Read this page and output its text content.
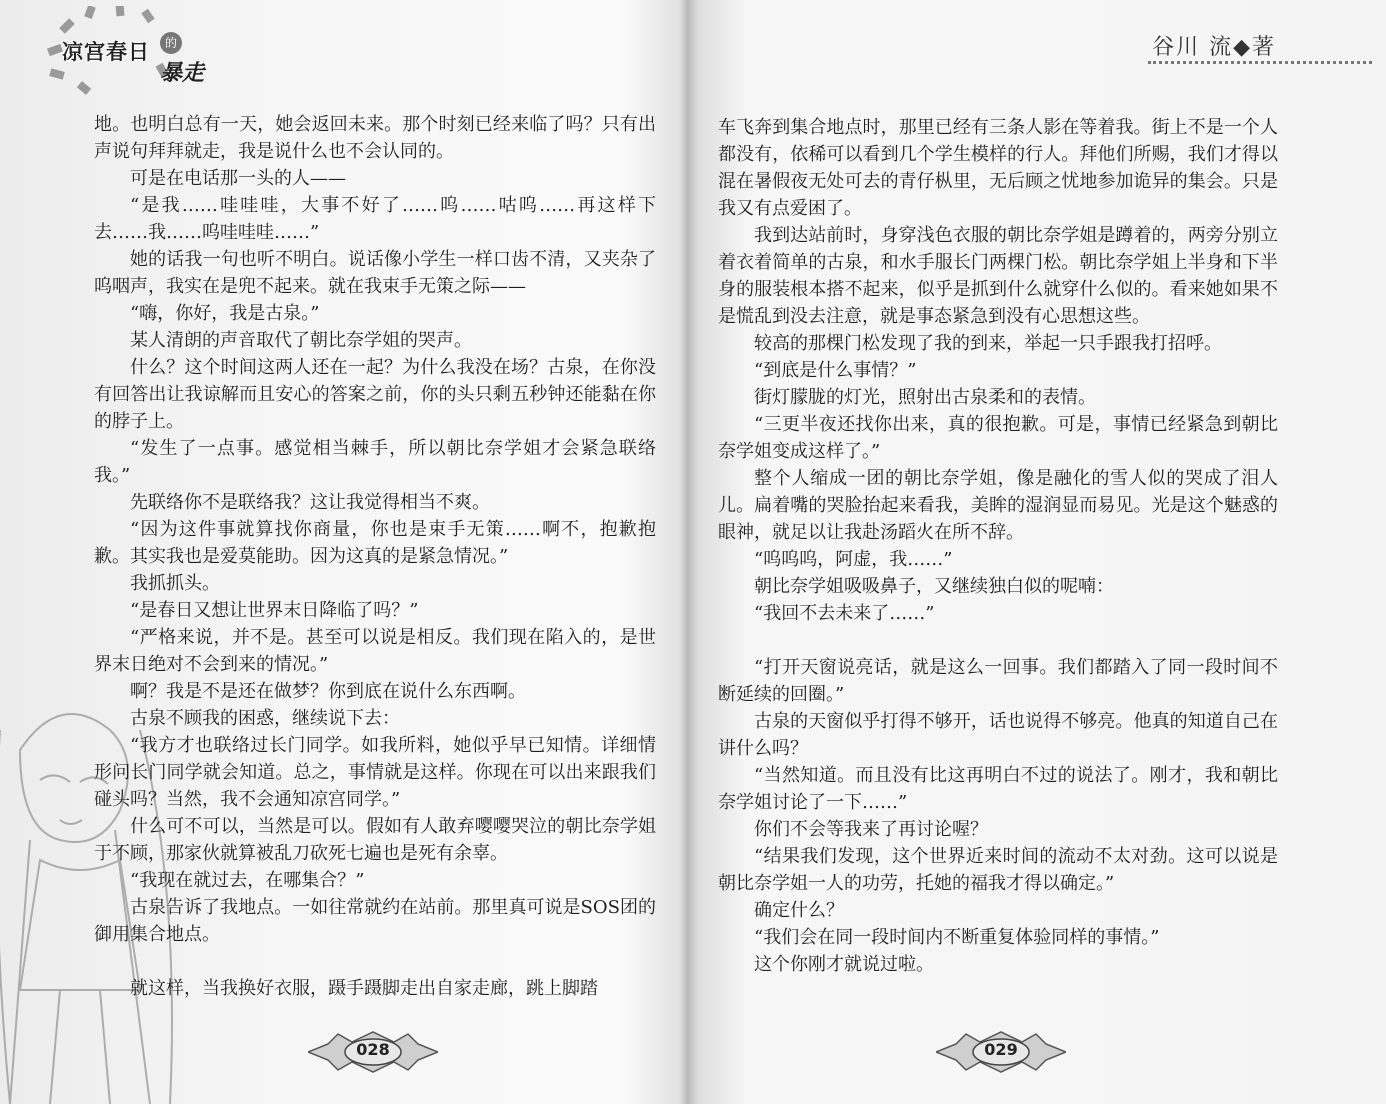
凉宫春日	的
暴走

地。也明白总有一天，她会返回未来。那个时刻已经来临了吗？只有出声说句拜拜就走，我是说什么也不会认同的。

可是在电话那一头的人——

“是我……哇哇哇，大事不好了……呜……咕呜……再这样下去……我……呜哇哇哇……”

她的话我一句也听不明白。说话像小学生一样口齿不清，又夹杂了呜咽声，我实在是兜不起来。就在我束手无策之际——

“嗨，你好，我是古泉。”

某人清朗的声音取代了朝比奈学姐的哭声。

什么？这个时间这两人还在一起？为什么我没在场？古泉，在你没有回答出让我谅解而且安心的答案之前，你的头只剩五秒钟还能黏在你的脖子上。

“发生了一点事。感觉相当棘手，所以朝比奈学姐才会紧急联络我。”

先联络你不是联络我？这让我觉得相当不爽。

“因为这件事就算找你商量，你也是束手无策……啊不，抱歉抱歉。其实我也是爱莫能助。因为这真的是紧急情况。”

我抓抓头。

“是春日又想让世界末日降临了吗？”

“严格来说，并不是。甚至可以说是相反。我们现在陷入的，是世界末日绝对不会到来的情况。”

啊？我是不是还在做梦？你到底在说什么东西啊。

古泉不顾我的困惑，继续说下去：

“我方才也联络过长门同学。如我所料，她似乎早已知情。详细情形问长门同学就会知道。总之，事情就是这样。你现在可以出来跟我们碰头吗？当然，我不会通知凉宫同学。”

什么可不可以，当然是可以。假如有人敢弃嘤嘤哭泣的朝比奈学姐于不顾，那家伙就算被乱刀砍死七遍也是死有余辜。

“我现在就过去，在哪集合？”

古泉告诉了我地点。一如往常就约在站前。那里真可说是SOS团的御用集合地点。

就这样，当我换好衣服，蹑手蹑脚走出自家走廊，跳上脚踏

028
谷川 流◆著

车飞奔到集合地点时，那里已经有三条人影在等着我。街上不是一个人都没有，依稀可以看到几个学生模样的行人。拜他们所赐，我们才得以混在暑假夜无处可去的青仔枞里，无后顾之忧地参加诡异的集会。只是我又有点爱困了。

我到达站前时，身穿浅色衣服的朝比奈学姐是蹲着的，两旁分别立着衣着简单的古泉，和水手服长门两棵门松。朝比奈学姐上半身和下半身的服装根本搭不起来，似乎是抓到什么就穿什么似的。看来她如果不是慌乱到没去注意，就是事态紧急到没有心思想这些。

较高的那棵门松发现了我的到来，举起一只手跟我打招呼。

“到底是什么事情？”

街灯朦胧的灯光，照射出古泉柔和的表情。

“三更半夜还找你出来，真的很抱歉。可是，事情已经紧急到朝比奈学姐变成这样了。”

整个人缩成一团的朝比奈学姐，像是融化的雪人似的哭成了泪人儿。扁着嘴的哭脸抬起来看我，美眸的湿润显而易见。光是这个魅惑的眼神，就足以让我赴汤蹈火在所不辞。

“呜呜呜，阿虚，我……”

朝比奈学姐吸吸鼻子，又继续独白似的呢喃：

“我回不去未来了……”

“打开天窗说亮话，就是这么一回事。我们都踏入了同一段时间不断延续的回圈。”

古泉的天窗似乎打得不够开，话也说得不够亮。他真的知道自己在讲什么吗？

“当然知道。而且没有比这再明白不过的说法了。刚才，我和朝比奈学姐讨论了一下……”

你们不会等我来了再讨论喔？

“结果我们发现，这个世界近来时间的流动不太对劲。这可以说是朝比奈学姐一人的功劳，托她的福我才得以确定。”

确定什么？

“我们会在同一段时间内不断重复体验同样的事情。”

这个你刚才就说过啦。

029
